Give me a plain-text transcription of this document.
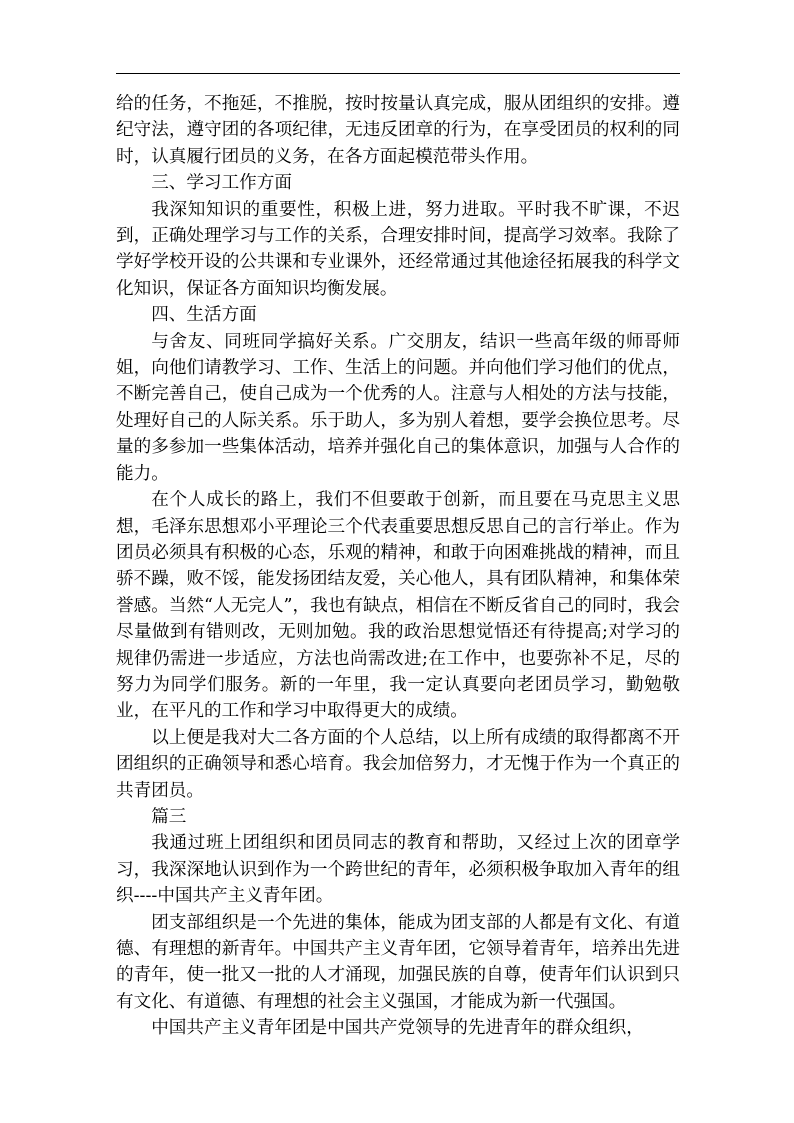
给的任务，不拖延，不推脱，按时按量认真完成，服从团组织的安排。遵纪守法，遵守团的各项纪律，无违反团章的行为，在享受团员的权利的同时，认真履行团员的义务，在各方面起模范带头作用。

三、学习工作方面

我深知知识的重要性，积极上进，努力进取。平时我不旷课，不迟到，正确处理学习与工作的关系，合理安排时间，提高学习效率。我除了学好学校开设的公共课和专业课外，还经常通过其他途径拓展我的科学文化知识，保证各方面知识均衡发展。

四、生活方面

与舍友、同班同学搞好关系。广交朋友，结识一些高年级的师哥师姐，向他们请教学习、工作、生活上的问题。并向他们学习他们的优点，不断完善自己，使自己成为一个优秀的人。注意与人相处的方法与技能，处理好自己的人际关系。乐于助人，多为别人着想，要学会换位思考。尽量的多参加一些集体活动，培养并强化自己的集体意识，加强与人合作的能力。

在个人成长的路上，我们不但要敢于创新，而且要在马克思主义思想，毛泽东思想邓小平理论三个代表重要思想反思自己的言行举止。作为团员必须具有积极的心态，乐观的精神，和敢于向困难挑战的精神，而且骄不躁，败不馁，能发扬团结友爱，关心他人，具有团队精神，和集体荣誉感。当然“人无完人”，我也有缺点，相信在不断反省自己的同时，我会尽量做到有错则改，无则加勉。我的政治思想觉悟还有待提高;对学习的规律仍需进一步适应，方法也尚需改进;在工作中，也要弥补不足，尽的努力为同学们服务。新的一年里，我一定认真要向老团员学习，勤勉敬业，在平凡的工作和学习中取得更大的成绩。

以上便是我对大二各方面的个人总结，以上所有成绩的取得都离不开团组织的正确领导和悉心培育。我会加倍努力，才无愧于作为一个真正的共青团员。

篇三

我通过班上团组织和团员同志的教育和帮助，又经过上次的团章学习，我深深地认识到作为一个跨世纪的青年，必须积极争取加入青年的组织----中国共产主义青年团。

团支部组织是一个先进的集体，能成为团支部的人都是有文化、有道德、有理想的新青年。中国共产主义青年团，它领导着青年，培养出先进的青年，使一批又一批的人才涌现，加强民族的自尊，使青年们认识到只有文化、有道德、有理想的社会主义强国，才能成为新一代强国。

中国共产主义青年团是中国共产党领导的先进青年的群众组织，
